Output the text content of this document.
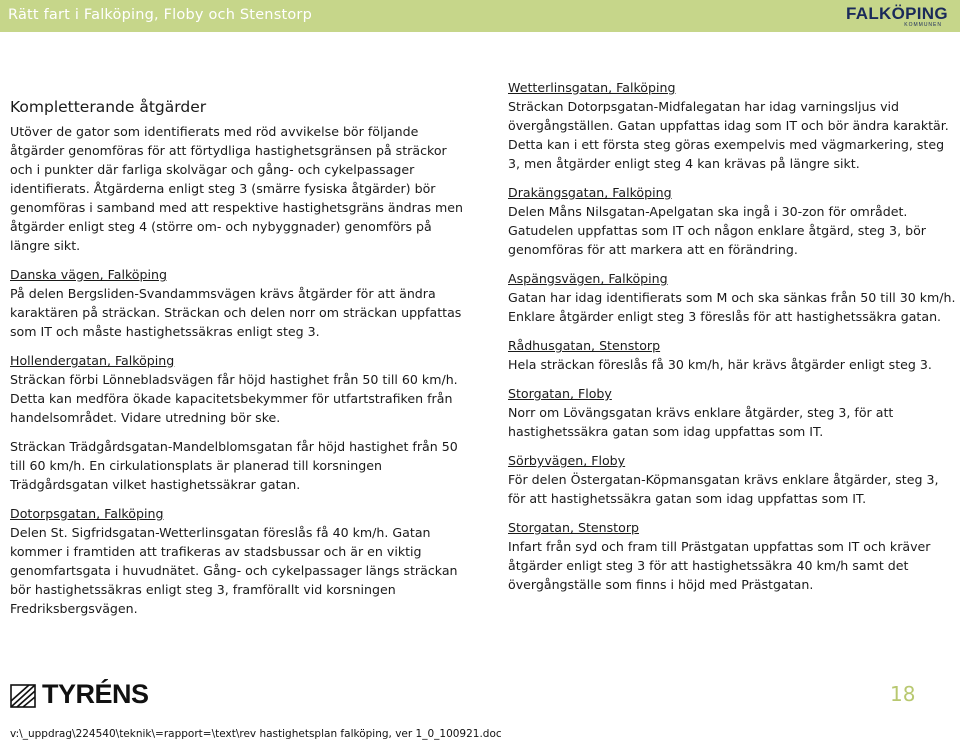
Rätt fart i Falköping, Floby och Stenstorp	FALKÖPING
KOMMUNEN
Kompletterande åtgärder
Utöver de gator som identifierats med röd avvikelse bör följande åtgärder genomföras för att förtydliga hastighetsgränsen på sträckor och i punkter där farliga skolvägar och gång- och cykelpassager identifierats. Åtgärderna enligt steg 3 (smärre fysiska åtgärder) bör genomföras i samband med att respektive hastighetsgräns ändras men åtgärder enligt steg 4 (större om- och nybyggnader) genomförs på längre sikt.
Danska vägen, Falköping
På delen Bergsliden-Svandammsvägen krävs åtgärder för att ändra karaktären på sträckan. Sträckan och delen norr om sträckan uppfattas som IT och måste hastighetssäkras enligt steg 3.
Hollendergatan, Falköping
Sträckan förbi Lönnebladsvägen får höjd hastighet från 50 till 60 km/h. Detta kan medföra ökade kapacitetsbekymmer för utfartstrafiken från handelsområdet. Vidare utredning bör ske.
Sträckan Trädgårdsgatan-Mandelblomsgatan får höjd hastighet från 50 till 60 km/h. En cirkulationsplats är planerad till korsningen Trädgårdsgatan vilket hastighetssäkrar gatan.
Dotorpsgatan, Falköping
Delen St. Sigfridsgatan-Wetterlinsgatan föreslås få 40 km/h. Gatan kommer i framtiden att trafikeras av stadsbussar och är en viktig genomfartsgata i huvudnätet. Gång- och cykelpassager längs sträckan bör hastighetssäkras enligt steg 3, framförallt vid korsningen Fredriksbergsvägen.
Wetterlinsgatan, Falköping
Sträckan Dotorpsgatan-Midfalegatan har idag varningsljus vid övergångställen. Gatan uppfattas idag som IT och bör ändra karaktär. Detta kan i ett första steg göras exempelvis med vägmarkering, steg 3, men åtgärder enligt steg 4 kan krävas på längre sikt.
Drakängsgatan, Falköping
Delen Måns Nilsgatan-Apelgatan ska ingå i 30-zon för området. Gatudelen uppfattas som IT och någon enklare åtgärd, steg 3, bör genomföras för att markera att en förändring.
Aspängsvägen, Falköping
Gatan har idag identifierats som M och ska sänkas från 50 till 30 km/h. Enklare åtgärder enligt steg 3 föreslås för att hastighetssäkra gatan.
Rådhusgatan, Stenstorp
Hela sträckan föreslås få 30 km/h, här krävs åtgärder enligt steg 3.
Storgatan, Floby
Norr om Lövängsgatan krävs enklare åtgärder, steg 3, för att hastighetssäkra gatan som idag uppfattas som IT.
Sörbyvägen, Floby
För delen Östergatan-Köpmansgatan krävs enklare åtgärder, steg 3, för att hastighetssäkra gatan som idag uppfattas som IT.
Storgatan, Stenstorp
Infart från syd och fram till Prästgatan uppfattas som IT och kräver åtgärder enligt steg 3 för att hastighetssäkra 40 km/h samt det övergångställe som finns i höjd med Prästgatan.
TYRÉNS	18
v:\_uppdrag\224540\teknik\=rapport=\text\rev hastighetsplan falköping, ver 1_0_100921.doc
